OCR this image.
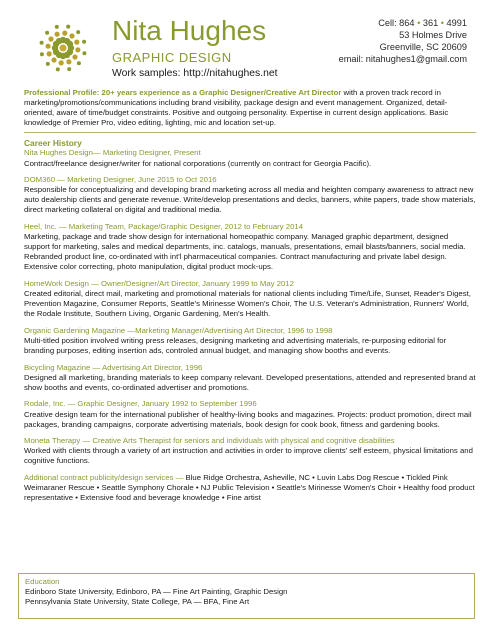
Nita Hughes
GRAPHIC DESIGN
Work samples: http://nitahughes.net
Cell: 864 • 361 • 4991
53 Holmes Drive
Greenville, SC 20609
email: nitahughes1@gmail.com

Professional Profile: 20+ years experience as a Graphic Designer/Creative Art Director with a proven track record in marketing/promotions/communications including brand visibility, package design and event management. Organized, detail-oriented, aware of time/budget constraints. Positive and outgoing personality. Expertise in current design applications. Basic knowledge of Premier Pro, video editing, lighting, mic and location set-up.

Career History
Nita Hughes Design— Marketing Designer, Present

Contract/freelance designer/writer for national corporations (currently on contract for Georgia Pacific).

DOM360 — Marketing Designer, June 2015 to Oct 2016

Responsible for conceptualizing and developing brand marketing across all media and heighten company awareness to attract new auto dealership clients and generate revenue. Write/develop presentations and decks, banners, white papers, trade show materials, direct marketing collateral on digital and traditional media.

Heel, Inc. — Marketing Team, Package/Graphic Designer, 2012 to February 2014

Marketing, package and trade show design for international homeopathic company. Managed graphic department, designed support for marketing, sales and medical departments, inc. catalogs, manuals, presentations, email blasts/banners, social media. Rebranded product line, co-ordinated with int'l pharmaceutical companies. Contract manufacturing and private label design. Extensive color correcting, photo manipulation, digital product mock-ups.

HomeWork Design — Owner/Designer/Art Director, January 1999 to May 2012

Created editorial, direct mail, marketing and promotional materials for national clients including Time/Life, Sunset, Reader's Digest, Prevention Magazine, Consumer Reports, Seattle's Mirinesse Women's Choir, The U.S. Veteran's Administration, Runners' World, the Rodale Institute, Southern Living, Organic Gardening, Men's Health.

Organic Gardening Magazine —Marketing Manager/Advertising Art Director, 1996 to 1998

Multi-titled position involved writing press releases, designing marketing and advertising materials, re-purposing editorial for branding purposes, editing insertion ads, controled annual budget, and managing show booths and events.

Bicycling Magazine — Advertising Art Director, 1996

Designed all marketing, branding materials to keep company relevant. Developed presentations, attended and represented brand at show booths and events, co-ordinated advertiser and promotions.

Rodale, Inc. — Graphic Designer, January 1992 to September 1996

Creative design team for the international publisher of healthy-living books and magazines. Projects: product promotion, direct mail packages, branding campaigns, corporate advertising materials, book design for cook book, fitness and gardening books.

Moneta Therapy — Creative Arts Therapist for seniors and individuals with physical and cognitive disabilities

Worked with clients through a variety of art instruction and activities in order to improve clients' self esteem, physical limitations and cognitive functions.

Additional contract publicity/design services — Blue Ridge Orchestra, Asheville, NC • Luvin Labs Dog Rescue • Tickled Pink Weimaraner Rescue • Seattle Symphony Chorale • NJ Public Television • Seattle's Mirinesse Women's Choir • Healthy food product representative • Extensive food and beverage knowledge • Fine artist

Education
Edinboro State University, Edinboro, PA — Fine Art Painting, Graphic Design
Pennsylvania State University, State College, PA — BFA, Fine Art
